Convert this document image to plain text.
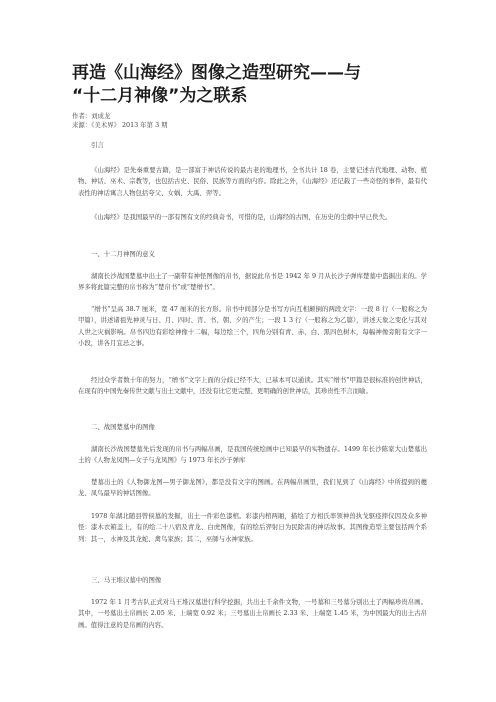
再造《山海经》图像之造型研究——与
“十二月神像”为之联系
作者：刘成龙
来源：《美术界》 2013 年第 3 期
引言

《山海经》是先秦重要古籍，是一部富于神话传说的最古老的地理书，全书共计 18 卷，主要记述古代地理、动物、植物、神话、巫术、宗教等，也包括古史、民俗、民族等方面的内容。除此之外，《山海经》还记载了一些奇怪的事件，最有代表性的神话寓言人物包括夸父、女娲、大禹、羿等。

《山海经》是我国最早的一部有图有文的经典奇书，可惜的是，山海经的古图，在历史的尘烟中早已佚失。

一、十二月神图的意义

湖南长沙战国楚墓中出土了一副带有神怪图像的帛书，据说此帛书是 1942 年 9 月从长沙子弹库楚墓中盗掘出来的。学界多将此篇完整的帛书称为“楚帛书”或“楚缯书”。

“缯书”呈高 38.7 厘米，宽 47 厘米的长方形。帛书中间部分是书写方向互相颠倒的两段文字：一段 8 行（一般称之为甲篇），讲述诸祖先神灵与日、月、四时、宵、书、朝、夕的产生；一段 1 3 行（一般称之为乙篇），讲述天象之变化与其对人世之灾祸影响。帛书四边有彩绘神像十二幅，每边绘三个，四角分别有青、赤、白、黑四色树木，每幅神像旁附有文字一小段，讲各月宜忌之事。

经过众学者数十年的努力，“缯书”文字上面的分歧已经不大，已基本可以通读。其实“缯书”甲篇是很标准的创世神话，在现有的中国先秦传世文献与出土文献中，还没有比它更完整、更明确的创世神话，其珍贵性不言而喻。

二、战国楚墓中的图像

湖南长沙战国楚墓先后发现的帛书与两幅帛画，是我国传统绘画中已知最早的实物遗存。1499 年长沙陈家大山楚墓出土的《人物龙凤图—女子与龙凤图》与 1973 年长沙子弹库

楚墓出土的《人物御龙图—男子御龙图》，都是没有文字的图画。在两幅帛画里，我们见到了《山海经》中所提到的夔龙、凤鸟最早的神话图像。

1978 年湖北随县曾侯墓的发掘，出土一件彩色漆棺。彩漆内棺两厢，描绘了方相氏率领神兽执戈驱疫摔仪因及众多神怪：漆木衣箱盖上，有的绘二十八宿及青龙、白虎图像，有的绘后羿射日为民除害的神话故事。其图像造型主要包括两个系列：其一，水神及其龙蛇、禽鸟家族；其二，巫師与水神家族。

三、马王堆汉墓中的图像

1972 年 1 月考古队正式对马王堆汉墓进行科学挖掘，共出土千余件文物，一号墓和三号墓分别出土了两幅珍贵帛画。其中，一号墓出土帛画长 2.05 米、上端宽 0.92 米；三号墓出土帛画长 2.33 米、上端宽 1.45 米，为中国最大的出土古帛画。值得注意的是帛画的内容。
